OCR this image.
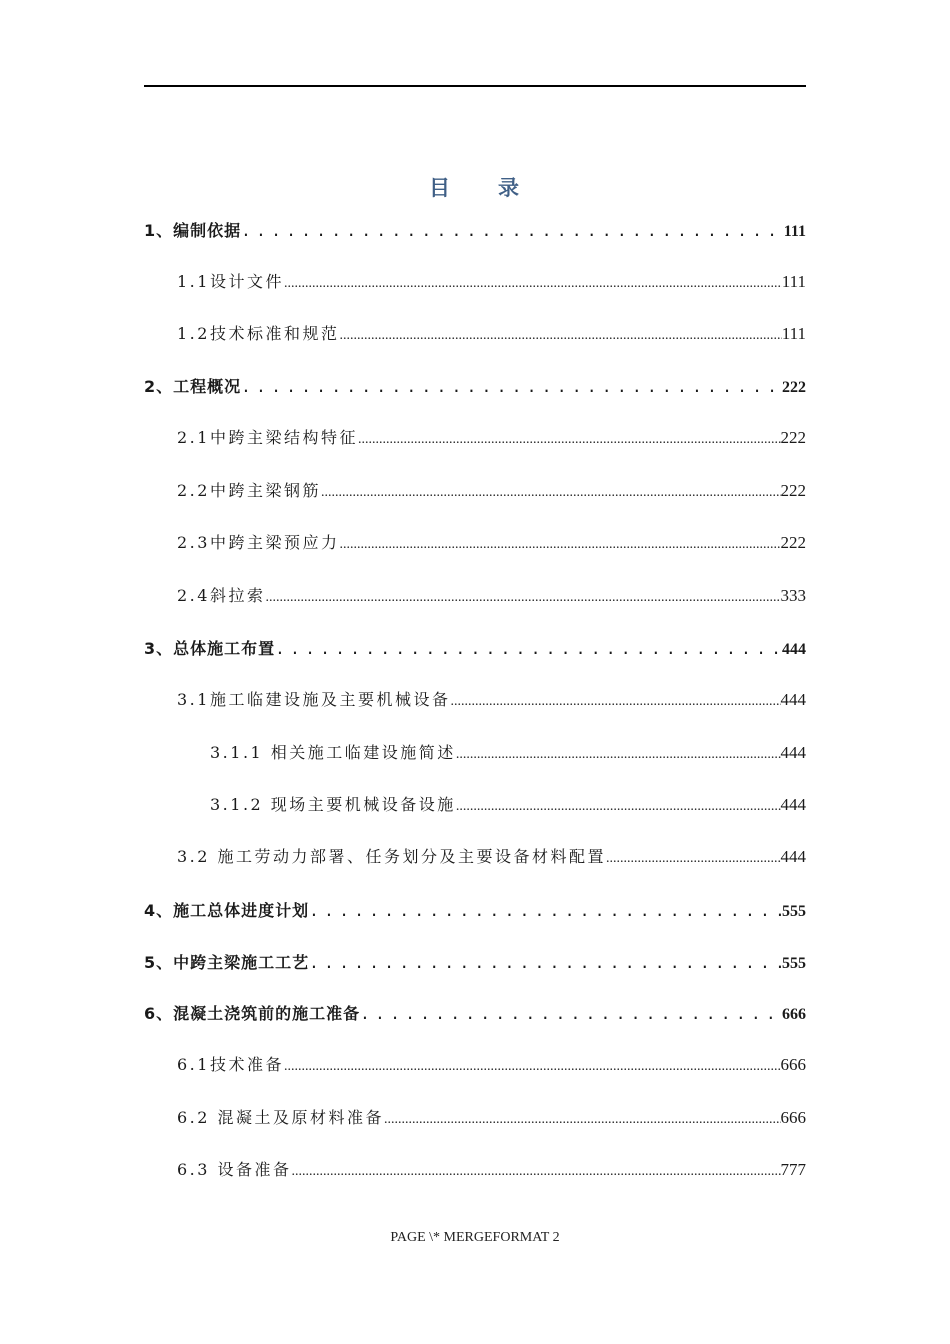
目 录
1、编制依据 .....	111
1.1设计文件 .....	111
1.2技术标准和规范 .....	111
2、工程概况 .....	222
2.1中跨主梁结构特征 .....	222
2.2中跨主梁钢筋 .....	222
2.3中跨主梁预应力 .....	222
2.4斜拉索 .....	333
3、总体施工布置 .....	444
3.1施工临建设施及主要机械设备 .....	444
3.1.1 相关施工临建设施简述 .....	444
3.1.2 现场主要机械设备设施 .....	444
3.2 施工劳动力部署、任务划分及主要设备材料配置 .....	444
4、施工总体进度计划 .....	555
5、中跨主梁施工工艺 .....	555
6、混凝土浇筑前的施工准备 .....	666
6.1技术准备 .....	666
6.2 混凝土及原材料准备 .....	666
6.3 设备准备 .....	777
PAGE \* MERGEFORMAT 2
